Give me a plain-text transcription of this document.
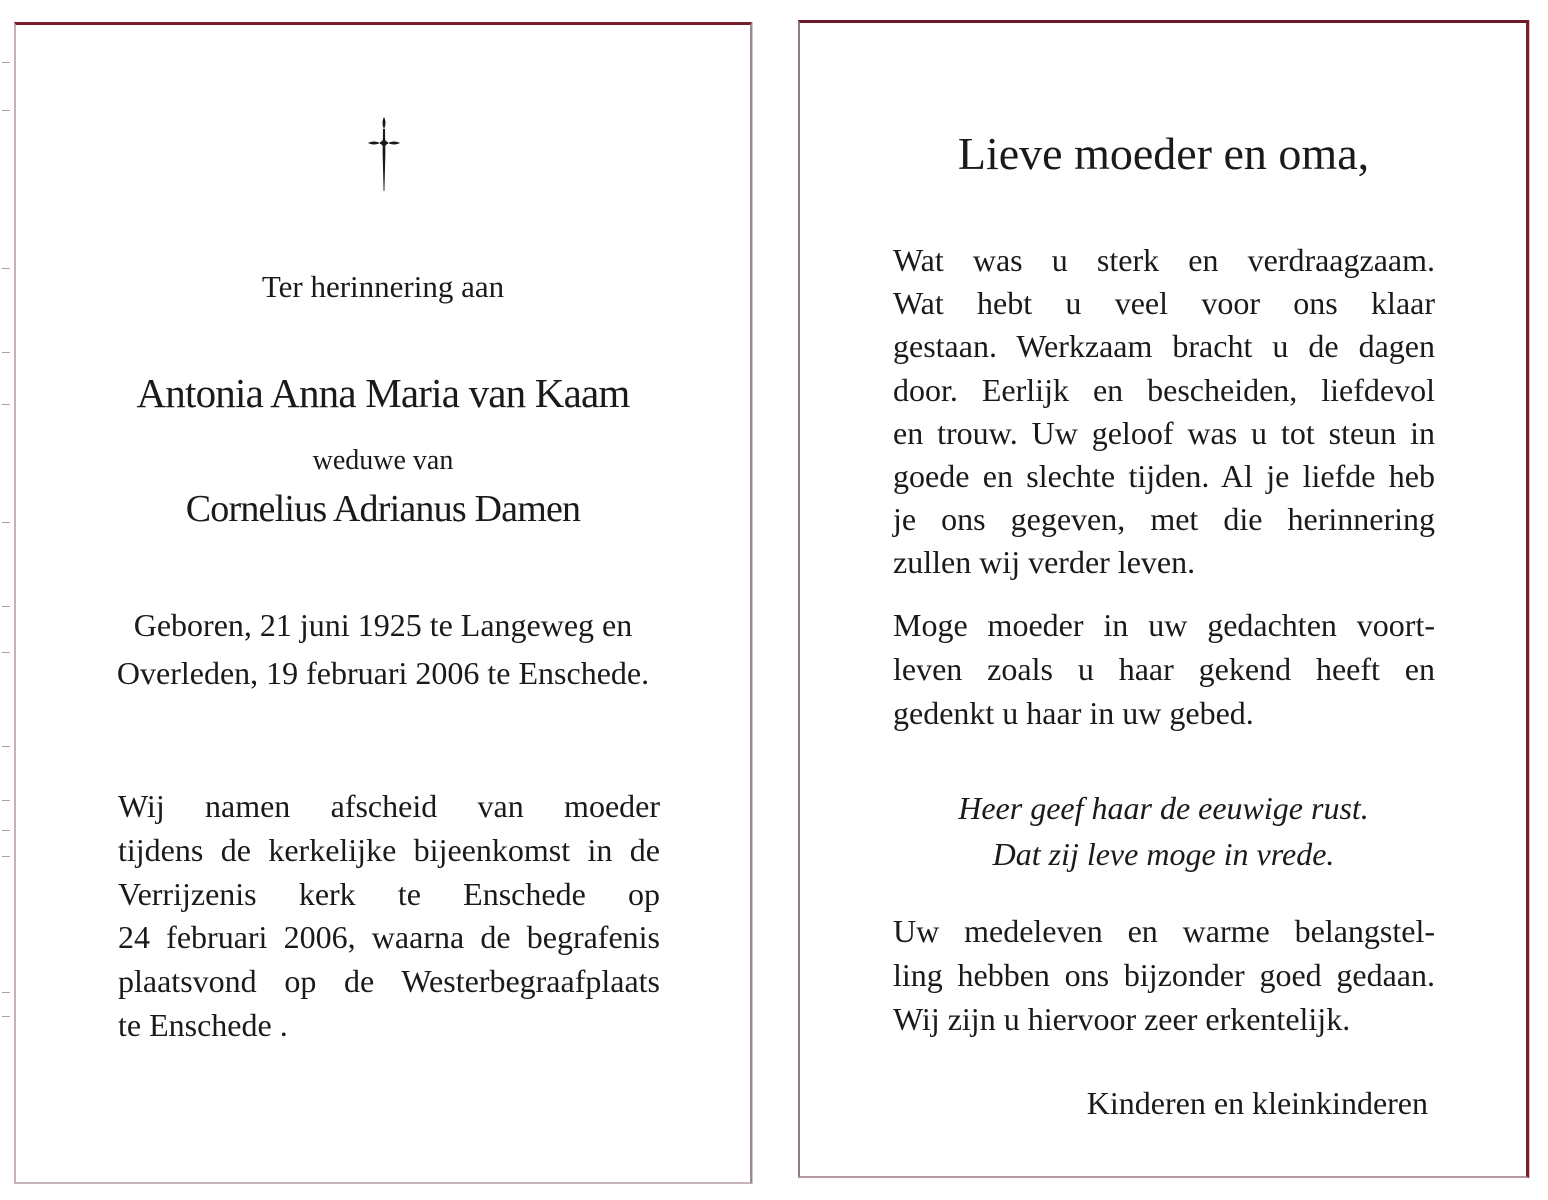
Ter herinnering aan
Antonia Anna Maria van Kaam
weduwe van
Cornelius Adrianus Damen
Geboren, 21 juni 1925 te Langeweg en
Overleden, 19 februari 2006 te Enschede.
Wij namen afscheid van moeder
tijdens de kerkelijke bijeenkomst in de
Verrijzenis kerk te Enschede op
24 februari 2006, waarna de begrafenis
plaatsvond op de Westerbegraafplaats
te Enschede .
Lieve moeder en oma,
Wat was u sterk en verdraagzaam.
Wat hebt u veel voor ons klaar
gestaan. Werkzaam bracht u de dagen
door. Eerlijk en bescheiden, liefdevol
en trouw. Uw geloof was u tot steun in
goede en slechte tijden. Al je liefde heb
je ons gegeven, met die herinnering
zullen wij verder leven.
Moge moeder in uw gedachten voort-
leven zoals u haar gekend heeft en
gedenkt u haar in uw gebed.
Heer geef haar de eeuwige rust.
Dat zij leve moge in vrede.
Uw medeleven en warme belangstel-
ling hebben ons bijzonder goed gedaan.
Wij zijn u hiervoor zeer erkentelijk.
Kinderen en kleinkinderen
